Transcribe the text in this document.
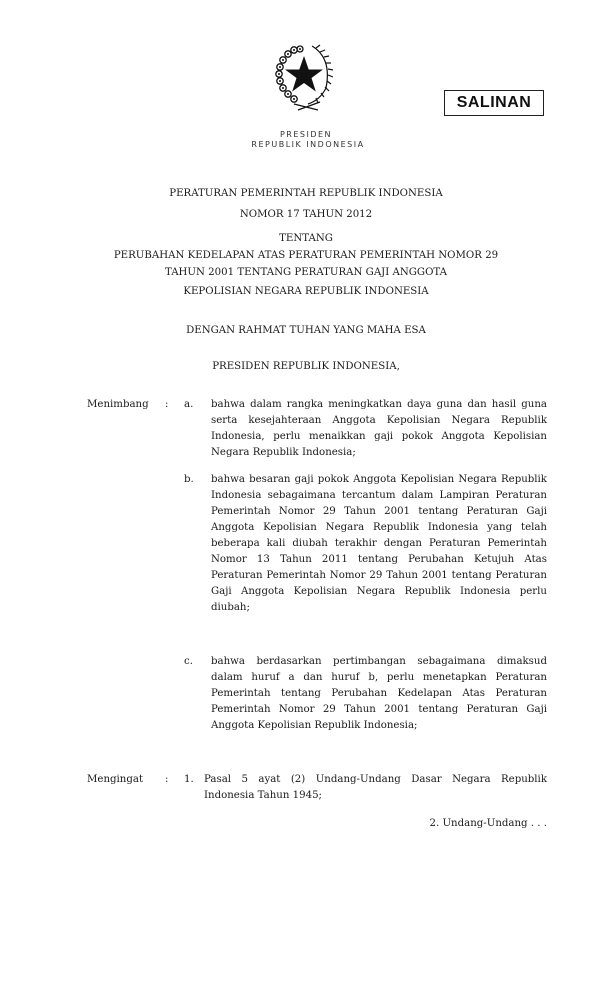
SALINAN
PRESIDEN
REPUBLIK INDONESIA
PERATURAN PEMERINTAH REPUBLIK INDONESIA
NOMOR 17 TAHUN 2012
TENTANG
PERUBAHAN KEDELAPAN ATAS PERATURAN PEMERINTAH NOMOR 29
TAHUN 2001 TENTANG PERATURAN GAJI ANGGOTA
KEPOLISIAN NEGARA REPUBLIK INDONESIA
DENGAN RAHMAT TUHAN YANG MAHA ESA
PRESIDEN REPUBLIK INDONESIA,
Menimbang : a. bahwa dalam rangka meningkatkan daya guna dan hasil guna serta kesejahteraan Anggota Kepolisian Negara Republik Indonesia, perlu menaikkan gaji pokok Anggota Kepolisian Negara Republik Indonesia;
b. bahwa besaran gaji pokok Anggota Kepolisian Negara Republik Indonesia sebagaimana tercantum dalam Lampiran Peraturan Pemerintah Nomor 29 Tahun 2001 tentang Peraturan Gaji Anggota Kepolisian Negara Republik Indonesia yang telah beberapa kali diubah terakhir dengan Peraturan Pemerintah Nomor 13 Tahun 2011 tentang Perubahan Ketujuh Atas Peraturan Pemerintah Nomor 29 Tahun 2001 tentang Peraturan Gaji Anggota Kepolisian Negara Republik Indonesia perlu diubah;
c. bahwa berdasarkan pertimbangan sebagaimana dimaksud dalam huruf a dan huruf b, perlu menetapkan Peraturan Pemerintah tentang Perubahan Kedelapan Atas Peraturan Pemerintah Nomor 29 Tahun 2001 tentang Peraturan Gaji Anggota Kepolisian Republik Indonesia;
Mengingat : 1. Pasal 5 ayat (2) Undang-Undang Dasar Negara Republik Indonesia Tahun 1945;
2. Undang-Undang . . .
